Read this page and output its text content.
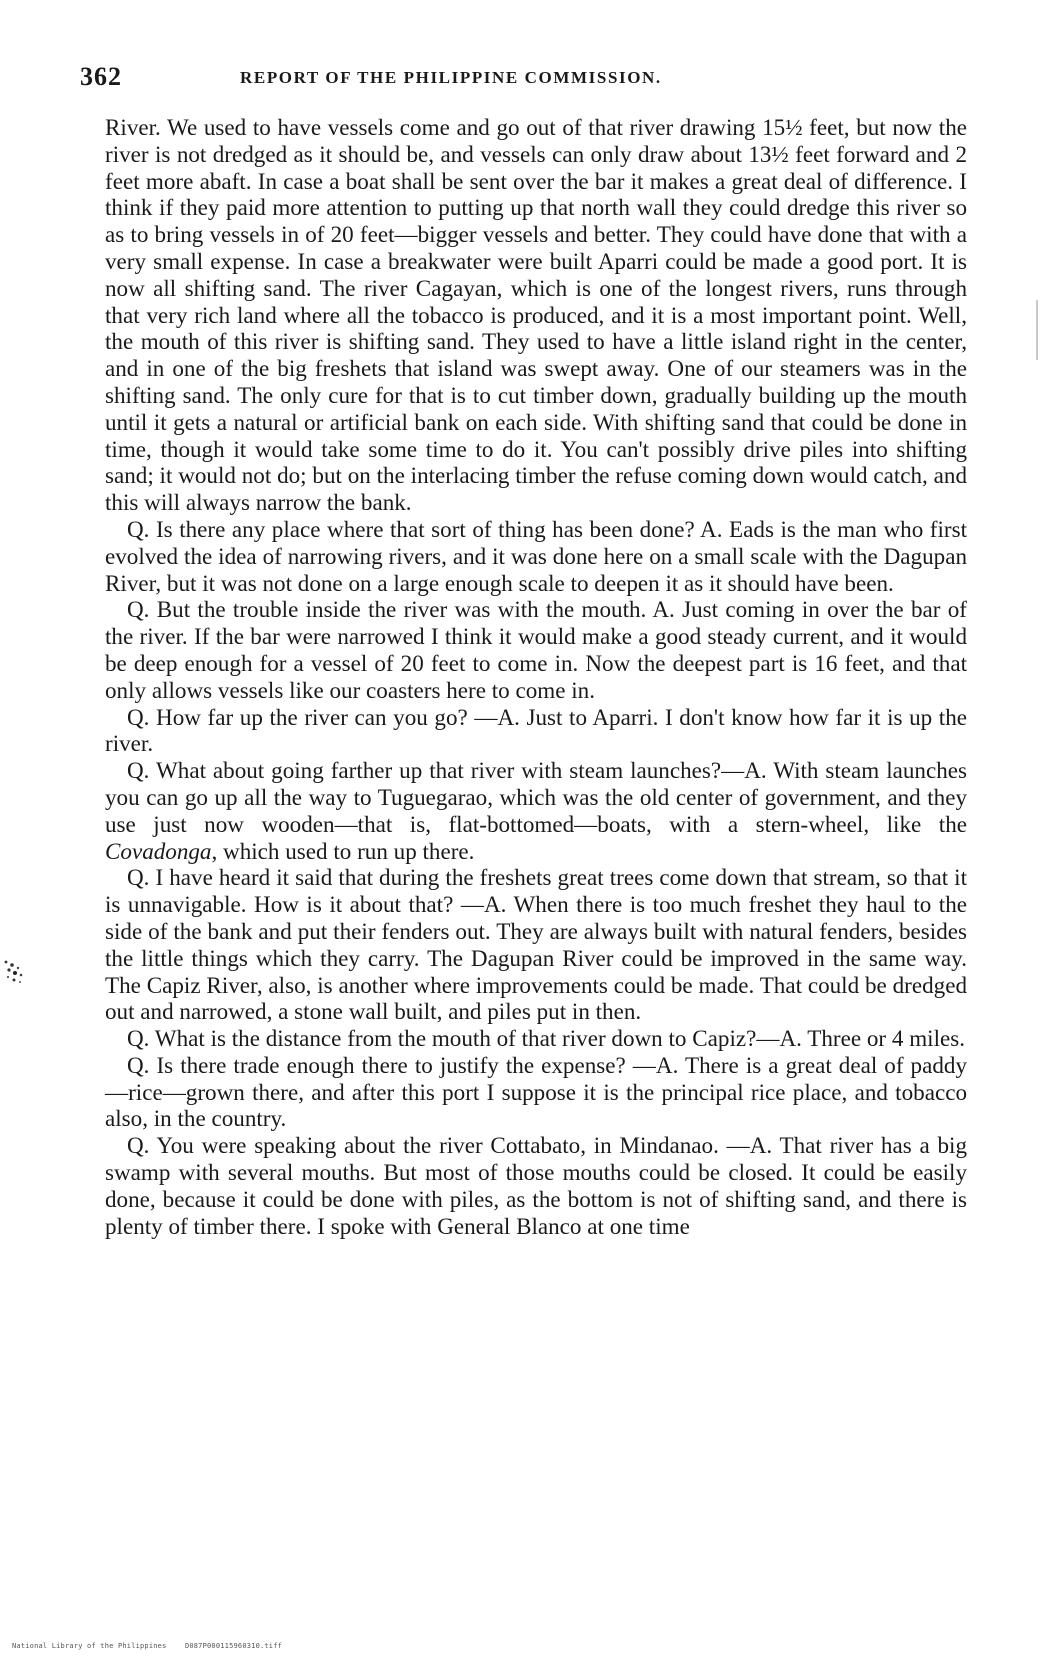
362	REPORT OF THE PHILIPPINE COMMISSION.

River. We used to have vessels come and go out of that river drawing 15½ feet, but now the river is not dredged as it should be, and vessels can only draw about 13½ feet forward and 2 feet more abaft. In case a boat shall be sent over the bar it makes a great deal of difference. I think if they paid more attention to putting up that north wall they could dredge this river so as to bring vessels in of 20 feet—bigger vessels and better. They could have done that with a very small expense. In case a breakwater were built Aparri could be made a good port. It is now all shifting sand. The river Cagayan, which is one of the longest rivers, runs through that very rich land where all the tobacco is produced, and it is a most important point. Well, the mouth of this river is shifting sand. They used to have a little island right in the center, and in one of the big freshets that island was swept away. One of our steamers was in the shifting sand. The only cure for that is to cut timber down, gradually building up the mouth until it gets a natural or artificial bank on each side. With shifting sand that could be done in time, though it would take some time to do it. You can't possibly drive piles into shifting sand; it would not do; but on the interlacing timber the refuse coming down would catch, and this will always narrow the bank.

Q. Is there any place where that sort of thing has been done? A. Eads is the man who first evolved the idea of narrowing rivers, and it was done here on a small scale with the Dagupan River, but it was not done on a large enough scale to deepen it as it should have been.

Q. But the trouble inside the river was with the mouth. A. Just coming in over the bar of the river. If the bar were narrowed I think it would make a good steady current, and it would be deep enough for a vessel of 20 feet to come in. Now the deepest part is 16 feet, and that only allows vessels like our coasters here to come in.

Q. How far up the river can you go? —A. Just to Aparri. I don't know how far it is up the river.

Q. What about going farther up that river with steam launches?—A. With steam launches you can go up all the way to Tuguegarao, which was the old center of government, and they use just now wooden—that is, flat-bottomed—boats, with a stern-wheel, like the Covadonga, which used to run up there.

Q. I have heard it said that during the freshets great trees come down that stream, so that it is unnavigable. How is it about that? —A. When there is too much freshet they haul to the side of the bank and put their fenders out. They are always built with natural fenders, besides the little things which they carry. The Dagupan River could be improved in the same way. The Capiz River, also, is another where improvements could be made. That could be dredged out and narrowed, a stone wall built, and piles put in then.

Q. What is the distance from the mouth of that river down to Capiz?—A. Three or 4 miles.

Q. Is there trade enough there to justify the expense? —A. There is a great deal of paddy—rice—grown there, and after this port I suppose it is the principal rice place, and tobacco also, in the country.

Q. You were speaking about the river Cottabato, in Mindanao. —A. That river has a big swamp with several mouths. But most of those mouths could be closed. It could be easily done, because it could be done with piles, as the bottom is not of shifting sand, and there is plenty of timber there. I spoke with General Blanco at one time

National Library of the Philippines	D087P000115960310.tiff
